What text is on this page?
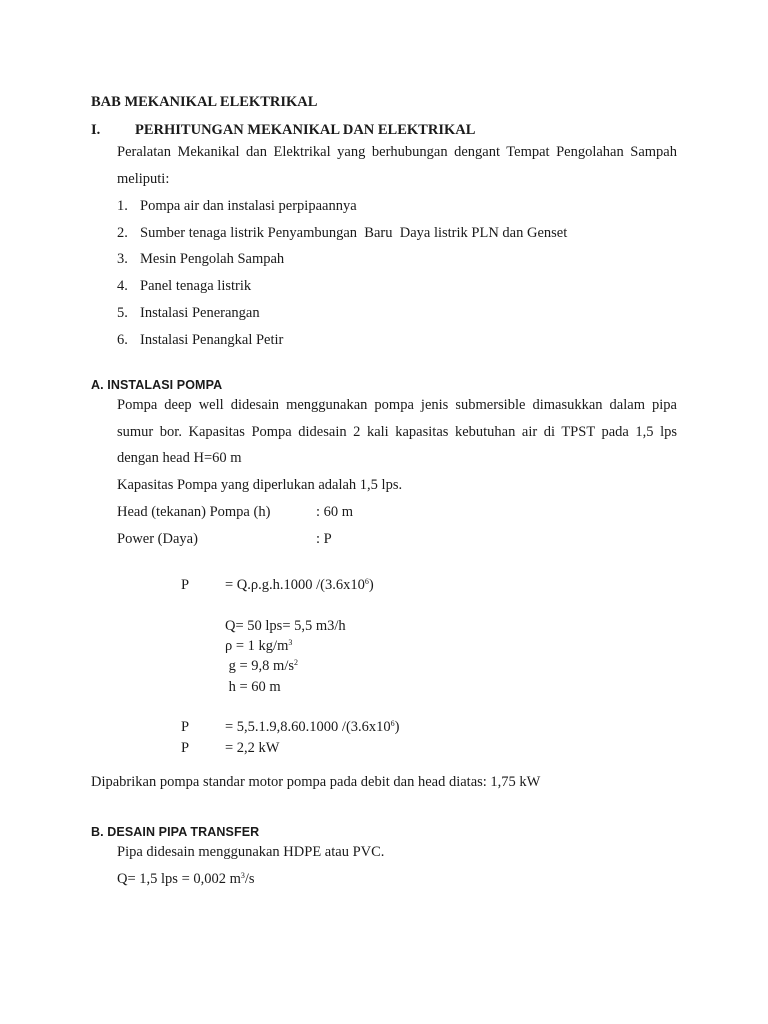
BAB MEKANIKAL ELEKTRIKAL
I. PERHITUNGAN MEKANIKAL DAN ELEKTRIKAL
Peralatan Mekanikal dan Elektrikal yang berhubungan dengant Tempat Pengolahan Sampah
meliputi:
1. Pompa air dan instalasi perpipaannya
2. Sumber tenaga listrik Penyambungan  Baru  Daya listrik PLN dan Genset
3. Mesin Pengolah Sampah
4. Panel tenaga listrik
5. Instalasi Penerangan
6. Instalasi Penangkal Petir
A. INSTALASI POMPA
Pompa deep well didesain menggunakan pompa jenis submersible dimasukkan dalam pipa
sumur bor. Kapasitas Pompa didesain 2 kali kapasitas kebutuhan air di TPST pada 1,5 lps
dengan head H=60 m
Kapasitas Pompa yang diperlukan adalah 1,5 lps.
Head (tekanan) Pompa (h)	: 60 m
Power (Daya)	: P
P = Q.ρ.g.h.1000 $/(3.6x10^6)$
Q= 50 lps= 5,5 m3/h
ρ = 1 $kg/m^3$
g = 9,8 $m/s^2$
h = 60 m
P = 5,5.1.9,8.60.1000 $/(3.6x10^6)$
P = 2,2 kW
Dipabrikan pompa standar motor pompa pada debit dan head diatas: 1,75 kW
B. DESAIN PIPA TRANSFER
Pipa didesain menggunakan HDPE atau PVC.
Q= 1,5 lps = 0,002 $m^3/s$
